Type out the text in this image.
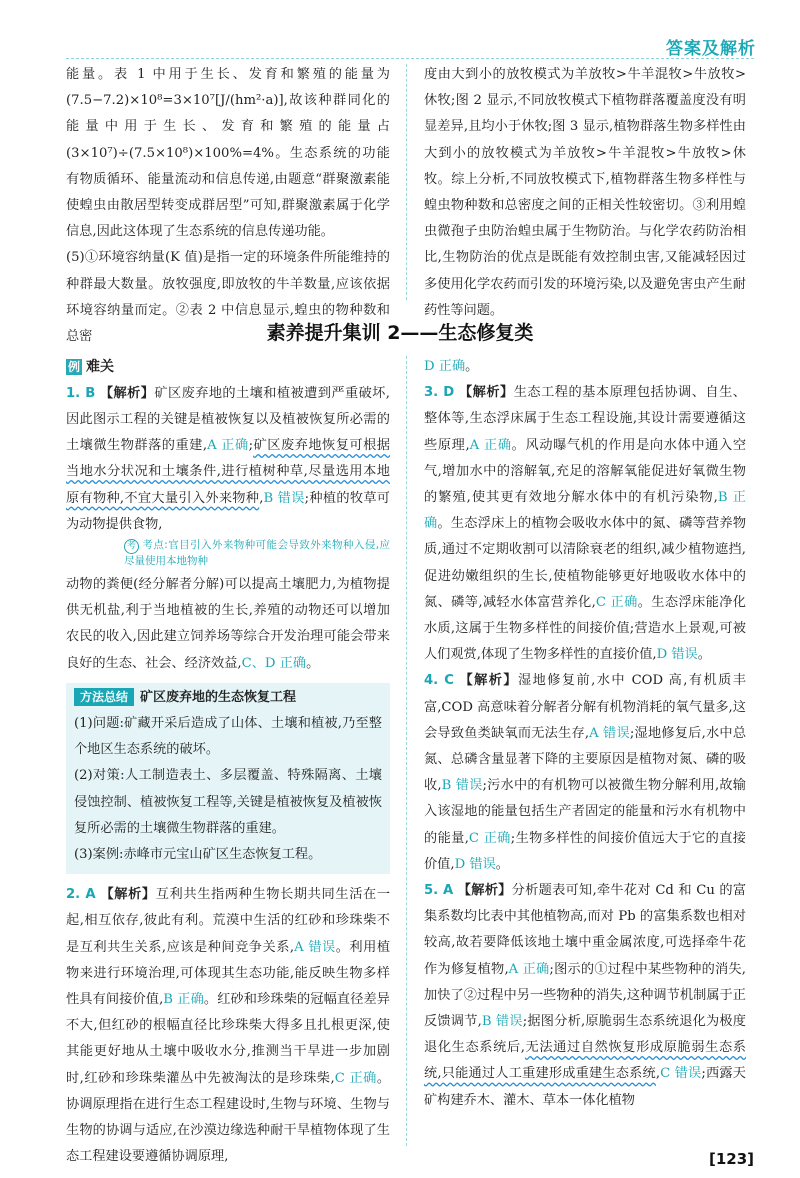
答案及解析

能量。表 1 中用于生长、发育和繁殖的能量为(7.5−7.2)×10⁸=3×10⁷[J/(hm²·a)],故该种群同化的能量中用于生长、发育和繁殖的能量占(3×10⁷)÷(7.5×10⁸)×100%=4%。生态系统的功能有物质循环、能量流动和信息传递,由题意“群聚激素能使蝗虫由散居型转变成群居型”可知,群聚激素属于化学信息,因此这体现了生态系统的信息传递功能。

(5)①环境容纳量(K 值)是指一定的环境条件所能维持的种群最大数量。放牧强度,即放牧的牛羊数量,应该依据环境容纳量而定。②表 2 中信息显示,蝗虫的物种数和总密

度由大到小的放牧模式为羊放牧>牛羊混牧>牛放牧>休牧;图 2 显示,不同放牧模式下植物群落覆盖度没有明显差异,且均小于休牧;图 3 显示,植物群落生物多样性由大到小的放牧模式为羊放牧>牛羊混牧>牛放牧>休牧。综上分析,不同放牧模式下,植物群落生物多样性与蝗虫物种数和总密度之间的正相关性较密切。③利用蝗虫微孢子虫防治蝗虫属于生物防治。与化学农药防治相比,生物防治的优点是既能有效控制虫害,又能减轻因过多使用化学农药而引发的环境污染,以及避免害虫产生耐药性等问题。

素养提升集训 2——生态修复类

例 难关

1. B 【解析】矿区废弃地的土壤和植被遭到严重破坏,因此图示工程的关键是植被恢复以及植被恢复所必需的土壤微生物群落的重建,A 正确;矿区废弃地恢复可根据当地水分状况和土壤条件,进行植树种草,尽量选用本地原有物种,不宜大量引入外来物种,B 错误;种植的牧草可为动物提供食物,

考 考点:官目引入外来物种可能会导致外来物种入侵,应尽量使用本地物种

动物的粪便(经分解者分解)可以提高土壤肥力,为植物提供无机盐,利于当地植被的生长,养殖的动物还可以增加农民的收入,因此建立饲养场等综合开发治理可能会带来良好的生态、社会、经济效益,C、D 正确。

方法总结 矿区废弃地的生态恢复工程

(1)问题:矿藏开采后造成了山体、土壤和植被,乃至整个地区生态系统的破坏。

(2)对策:人工制造表土、多层覆盖、特殊隔离、土壤侵蚀控制、植被恢复工程等,关键是植被恢复及植被恢复所必需的土壤微生物群落的重建。

(3)案例:赤峰市元宝山矿区生态恢复工程。

2. A 【解析】互利共生指两种生物长期共同生活在一起,相互依存,彼此有利。荒漠中生活的红砂和珍珠柴不是互利共生关系,应该是种间竞争关系,A 错误。利用植物来进行环境治理,可体现其生态功能,能反映生物多样性具有间接价值,B 正确。红砂和珍珠柴的冠幅直径差异不大,但红砂的根幅直径比珍珠柴大得多且扎根更深,使其能更好地从土壤中吸收水分,推测当干旱进一步加剧时,红砂和珍珠柴灌丛中先被淘汰的是珍珠柴,C 正确。协调原理指在进行生态工程建设时,生物与环境、生物与生物的协调与适应,在沙漠边缘选种耐干旱植物体现了生态工程建设要遵循协调原理,

D 正确。

3. D 【解析】生态工程的基本原理包括协调、自生、整体等,生态浮床属于生态工程设施,其设计需要遵循这些原理,A 正确。风动曝气机的作用是向水体中通入空气,增加水中的溶解氧,充足的溶解氧能促进好氧微生物的繁殖,使其更有效地分解水体中的有机污染物,B 正确。生态浮床上的植物会吸收水体中的氮、磷等营养物质,通过不定期收割可以清除衰老的组织,减少植物遮挡,促进幼嫩组织的生长,使植物能够更好地吸收水体中的氮、磷等,减轻水体富营养化,C 正确。生态浮床能净化水质,这属于生物多样性的间接价值;营造水上景观,可被人们观赏,体现了生物多样性的直接价值,D 错误。

4. C 【解析】湿地修复前,水中 COD 高,有机质丰富,COD 高意味着分解者分解有机物消耗的氧气量多,这会导致鱼类缺氧而无法生存,A 错误;湿地修复后,水中总氮、总磷含量显著下降的主要原因是植物对氮、磷的吸收,B 错误;污水中的有机物可以被微生物分解利用,故输入该湿地的能量包括生产者固定的能量和污水有机物中的能量,C 正确;生物多样性的间接价值远大于它的直接价值,D 错误。

5. A 【解析】分析题表可知,牵牛花对 Cd 和 Cu 的富集系数均比表中其他植物高,而对 Pb 的富集系数也相对较高,故若要降低该地土壤中重金属浓度,可选择牵牛花作为修复植物,A 正确;图示的①过程中某些物种的消失,加快了②过程中另一些物种的消失,这种调节机制属于正反馈调节,B 错误;据图分析,原脆弱生态系统退化为极度退化生态系统后,无法通过自然恢复形成原脆弱生态系统,只能通过人工重建形成重建生态系统,C 错误;西露天矿构建乔木、灌木、草本一体化植物

[123]
